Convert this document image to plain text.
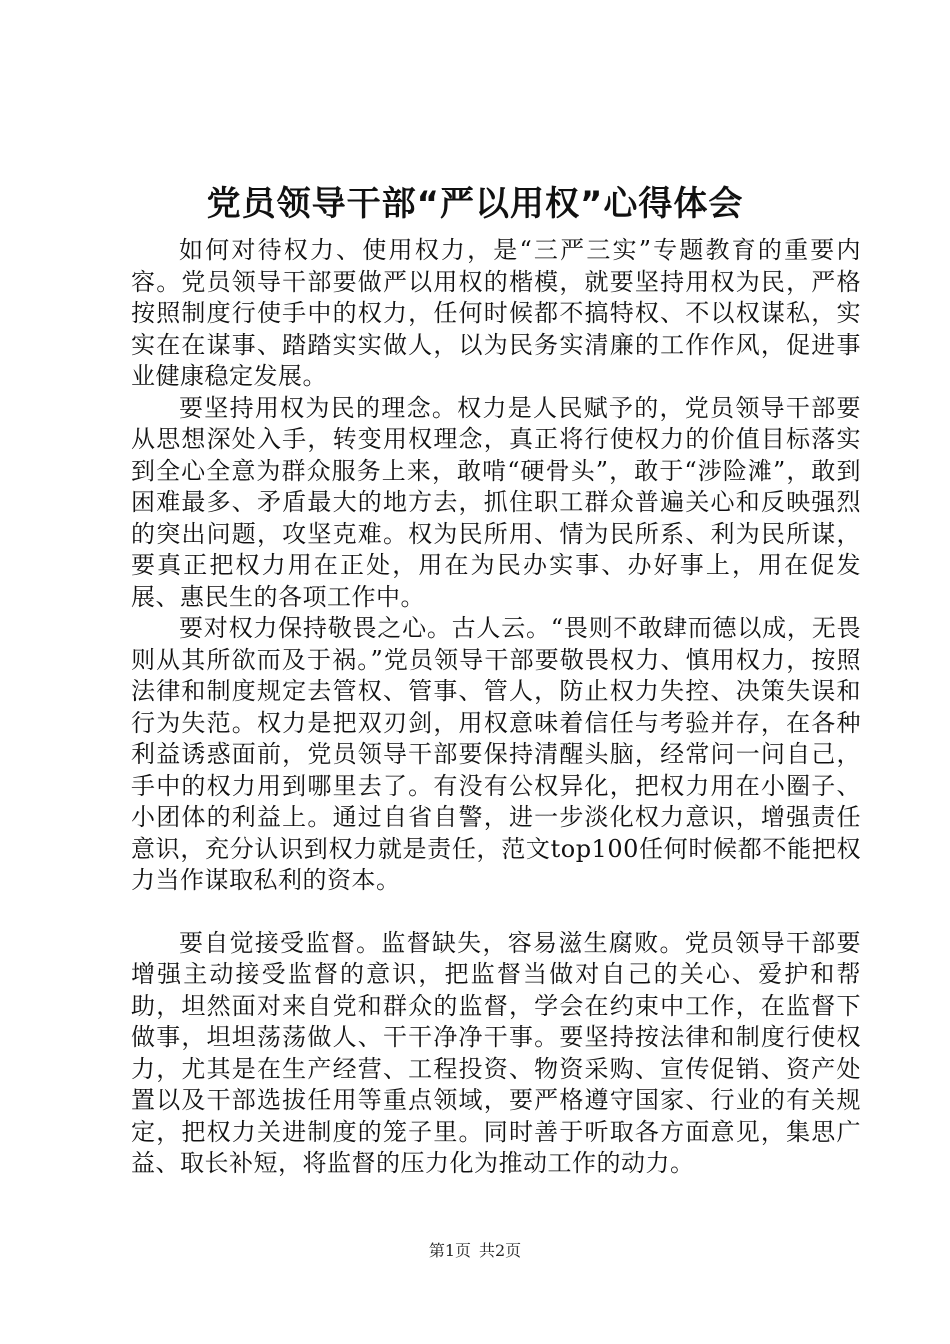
党员领导干部“严以用权”心得体会

如何对待权力、使用权力，是“三严三实”专题教育的重要内容。党员领导干部要做严以用权的楷模，就要坚持用权为民，严格按照制度行使手中的权力，任何时候都不搞特权、不以权谋私，实实在在谋事、踏踏实实做人，以为民务实清廉的工作作风，促进事业健康稳定发展。

要坚持用权为民的理念。权力是人民赋予的，党员领导干部要从思想深处入手，转变用权理念，真正将行使权力的价值目标落实到全心全意为群众服务上来，敢啃“硬骨头”，敢于“涉险滩”，敢到困难最多、矛盾最大的地方去，抓住职工群众普遍关心和反映强烈的突出问题，攻坚克难。权为民所用、情为民所系、利为民所谋，要真正把权力用在正处，用在为民办实事、办好事上，用在促发展、惠民生的各项工作中。

要对权力保持敬畏之心。古人云。“畏则不敢肆而德以成，无畏则从其所欲而及于祸。”党员领导干部要敬畏权力、慎用权力，按照法律和制度规定去管权、管事、管人，防止权力失控、决策失误和行为失范。权力是把双刃剑，用权意味着信任与考验并存，在各种利益诱惑面前，党员领导干部要保持清醒头脑，经常问一问自己，手中的权力用到哪里去了。有没有公权异化，把权力用在小圈子、小团体的利益上。通过自省自警，进一步淡化权力意识，增强责任意识，充分认识到权力就是责任，范文top100任何时候都不能把权力当作谋取私利的资本。

要自觉接受监督。监督缺失，容易滋生腐败。党员领导干部要增强主动接受监督的意识，把监督当做对自己的关心、爱护和帮助，坦然面对来自党和群众的监督，学会在约束中工作，在监督下做事，坦坦荡荡做人、干干净净干事。要坚持按法律和制度行使权力，尤其是在生产经营、工程投资、物资采购、宣传促销、资产处置以及干部选拔任用等重点领域，要严格遵守国家、行业的有关规定，把权力关进制度的笼子里。同时善于听取各方面意见，集思广益、取长补短，将监督的压力化为推动工作的动力。

第1页 共2页
